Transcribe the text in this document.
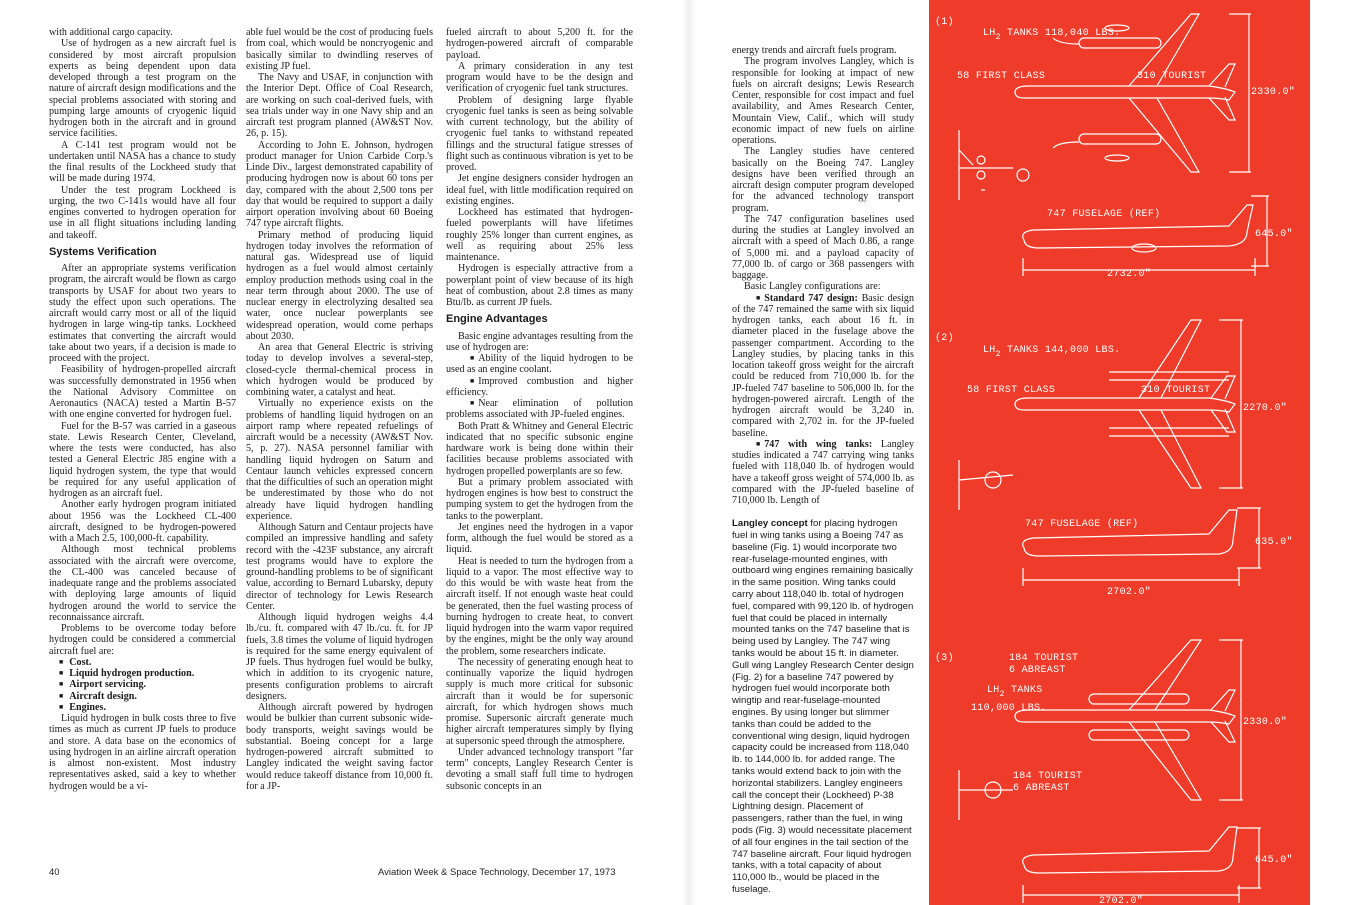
with additional cargo capacity.

Use of hydrogen as a new aircraft fuel is considered by most aircraft propulsion experts as being dependent upon data developed through a test program on the nature of aircraft design modifications and the special problems associated with storing and pumping large amounts of cryogenic liquid hydrogen both in the aircraft and in ground service facilities.

A C-141 test program would not be undertaken until NASA has a chance to study the final results of the Lockheed study that will be made during 1974.

Under the test program Lockheed is urging, the two C-141s would have all four engines converted to hydrogen operation for use in all flight situations including landing and takeoff.

Systems Verification

After an appropriate systems verification program, the aircraft would be flown as cargo transports by USAF for about two years to study the effect upon such operations. The aircraft would carry most or all of the liquid hydrogen in large wing-tip tanks. Lockheed estimates that converting the aircraft would take about two years, if a decision is made to proceed with the project.

Feasibility of hydrogen-propelled aircraft was successfully demonstrated in 1956 when the National Advisory Committee on Aeronautics (NACA) tested a Martin B-57 with one engine converted for hydrogen fuel.

Fuel for the B-57 was carried in a gaseous state. Lewis Research Center, Cleveland, where the tests were conducted, has also tested a General Electric J85 engine with a liquid hydrogen system, the type that would be required for any useful application of hydrogen as an aircraft fuel.

Another early hydrogen program initiated about 1956 was the Lockheed CL-400 aircraft, designed to be hydrogen-powered with a Mach 2.5, 100,000-ft. capability.

Although most technical problems associated with the aircraft were overcome, the CL-400 was canceled because of inadequate range and the problems associated with deploying large amounts of liquid hydrogen around the world to service the reconnaissance aircraft.

Problems to be overcome today before hydrogen could be considered a commercial aircraft fuel are:

■ Cost.
■ Liquid hydrogen production.
■ Airport servicing.
■ Aircraft design.
■ Engines.

Liquid hydrogen in bulk costs three to five times as much as current JP fuels to produce and store. A data base on the economics of using hydrogen in an airline aircraft operation is almost non-existent. Most industry representatives asked, said a key to whether hydrogen would be a vi-

able fuel would be the cost of producing fuels from coal, which would be noncryogenic and basically similar to dwindling reserves of existing JP fuel.

The Navy and USAF, in conjunction with the Interior Dept. Office of Coal Research, are working on such coal-derived fuels, with sea trials under way in one Navy ship and an aircraft test program planned (AW&ST Nov. 26, p. 15).

According to John E. Johnson, hydrogen product manager for Union Carbide Corp.'s Linde Div., largest demonstrated capability of producing hydrogen now is about 60 tons per day, compared with the about 2,500 tons per day that would be required to support a daily airport operation involving about 60 Boeing 747 type aircraft flights.

Primary method of producing liquid hydrogen today involves the reformation of natural gas. Widespread use of liquid hydrogen as a fuel would almost certainly employ production methods using coal in the near term through about 2000. The use of nuclear energy in electrolyzing desalted sea water, once nuclear powerplants see widespread operation, would come perhaps about 2030.

An area that General Electric is striving today to develop involves a several-step, closed-cycle thermal-chemical process in which hydrogen would be produced by combining water, a catalyst and heat.

Virtually no experience exists on the problems of handling liquid hydrogen on an airport ramp where repeated refuelings of aircraft would be a necessity (AW&ST Nov. 5, p. 27). NASA personnel familiar with handling liquid hydrogen on Saturn and Centaur launch vehicles expressed concern that the difficulties of such an operation might be underestimated by those who do not already have liquid hydrogen handling experience.

Although Saturn and Centaur projects have compiled an impressive handling and safety record with the -423F substance, any aircraft test programs would have to explore the ground-handling problems to be of significant value, according to Bernard Lubarsky, deputy director of technology for Lewis Research Center.

Although liquid hydrogen weighs 4.4 lb./cu. ft. compared with 47 lb./cu. ft. for JP fuels, 3.8 times the volume of liquid hydrogen is required for the same energy equivalent of JP fuels. Thus hydrogen fuel would be bulky, which in addition to its cryogenic nature, presents configuration problems to aircraft designers.

Although aircraft powered by hydrogen would be bulkier than current subsonic wide-body transports, weight savings would be substantial. Boeing concept for a large hydrogen-powered aircraft submitted to Langley indicated the weight saving factor would reduce takeoff distance from 10,000 ft. for a JP-

fueled aircraft to about 5,200 ft. for the hydrogen-powered aircraft of comparable payload.

A primary consideration in any test program would have to be the design and verification of cryogenic fuel tank structures.

Problem of designing large flyable cryogenic fuel tanks is seen as being solvable with current technology, but the ability of cryogenic fuel tanks to withstand repeated fillings and the structural fatigue stresses of flight such as continuous vibration is yet to be proved.

Jet engine designers consider hydrogen an ideal fuel, with little modification required on existing engines.

Lockheed has estimated that hydrogen-fueled powerplants will have lifetimes roughly 25% longer than current engines, as well as requiring about 25% less maintenance.

Hydrogen is especially attractive from a powerplant point of view because of its high heat of combustion, about 2.8 times as many Btu/lb. as current JP fuels.

Engine Advantages

Basic engine advantages resulting from the use of hydrogen are:

■ Ability of the liquid hydrogen to be used as an engine coolant.

■ Improved combustion and higher efficiency.

■ Near elimination of pollution problems associated with JP-fueled engines.

Both Pratt & Whitney and General Electric indicated that no specific subsonic engine hardware work is being done within their facilities because problems associated with hydrogen propelled powerplants are so few.

But a primary problem associated with hydrogen engines is how best to construct the pumping system to get the hydrogen from the tanks to the powerplant.

Jet engines need the hydrogen in a vapor form, although the fuel would be stored as a liquid.

Heat is needed to turn the hydrogen from a liquid to a vapor. The most effective way to do this would be with waste heat from the aircraft itself. If not enough waste heat could be generated, then the fuel wasting process of burning hydrogen to create heat, to convert liquid hydrogen into the warm vapor required by the engines, might be the only way around the problem, some researchers indicate.

The necessity of generating enough heat to continually vaporize the liquid hydrogen supply is much more critical for subsonic aircraft than it would be for supersonic aircraft, for which hydrogen shows much promise. Supersonic aircraft generate much higher aircraft temperatures simply by flying at supersonic speed through the atmosphere.

Under advanced technology transport "far term" concepts, Langley Research Center is devoting a small staff full time to hydrogen subsonic concepts in an

40	Aviation Week & Space Technology, December 17, 1973

energy trends and aircraft fuels program.

The program involves Langley, which is responsible for looking at impact of new fuels on aircraft designs; Lewis Research Center, responsible for cost impact and fuel availability, and Ames Research Center, Mountain View, Calif., which will study economic impact of new fuels on airline operations.

The Langley studies have centered basically on the Boeing 747. Langley designs have been verified through an aircraft design computer program developed for the advanced technology transport program.

The 747 configuration baselines used during the studies at Langley involved an aircraft with a speed of Mach 0.86, a range of 5,000 mi. and a payload capacity of 77,000 lb. of cargo or 368 passengers with baggage.

Basic Langley configurations are:

■ Standard 747 design: Basic design of the 747 remained the same with six liquid hydrogen tanks, each about 16 ft. in diameter placed in the fuselage above the passenger compartment. According to the Langley studies, by placing tanks in this location takeoff gross weight for the aircraft could be reduced from 710,000 lb. for the JP-fueled 747 baseline to 506,000 lb. for the hydrogen-powered aircraft. Length of the hydrogen aircraft would be 3,240 in. compared with 2,702 in. for the JP-fueled baseline.

■ 747 with wing tanks: Langley studies indicated a 747 carrying wing tanks fueled with 118,040 lb. of hydrogen would have a takeoff gross weight of 574,000 lb. as compared with the JP-fueled baseline of 710,000 lb. Length of

Langley concept for placing hydrogen fuel in wing tanks using a Boeing 747 as baseline (Fig. 1) would incorporate two rear-fuselage-mounted engines, with outboard wing engines remaining basically in the same position. Wing tanks could carry about 118,040 lb. total of hydrogen fuel, compared with 99,120 lb. of hydrogen fuel that could be placed in internally mounted tanks on the 747 baseline that is being used by Langley. The 747 wing tanks would be about 15 ft. in diameter. Gull wing Langley Research Center design (Fig. 2) for a baseline 747 powered by hydrogen fuel would incorporate both wingtip and rear-fuselage-mounted engines. By using longer but slimmer tanks than could be added to the conventional wing design, liquid hydrogen capacity could be increased from 118,040 lb. to 144,000 lb. for added range. The tanks would extend back to join with the horizontal stabilizers. Langley engineers call the concept their (Lockheed) P-38 Lightning design. Placement of passengers, rather than the fuel, in wing pods (Fig. 3) would necessitate placement of all four engines in the tail section of the 747 baseline aircraft. Four liquid hydrogen tanks, with a total capacity of about 110,000 lb., would be placed in the fuselage.

(1)
$LH_2$ TANKS 118,040 LBS.
58 FIRST CLASS	310 TOURIST
2330.0"
747 FUSELAGE (REF)
645.0"
2732.0"
(2)
$LH_2$ TANKS 144,000 LBS.
58 FIRST CLASS	310 TOURIST
2270.0"
747 FUSELAGE (REF)
635.0"
2702.0"
(3)	184 TOURIST
6 ABREAST
$LH_2$ TANKS
110,000 LBS.
2330.0"
184 TOURIST
6 ABREAST
645.0"
2702.0"
